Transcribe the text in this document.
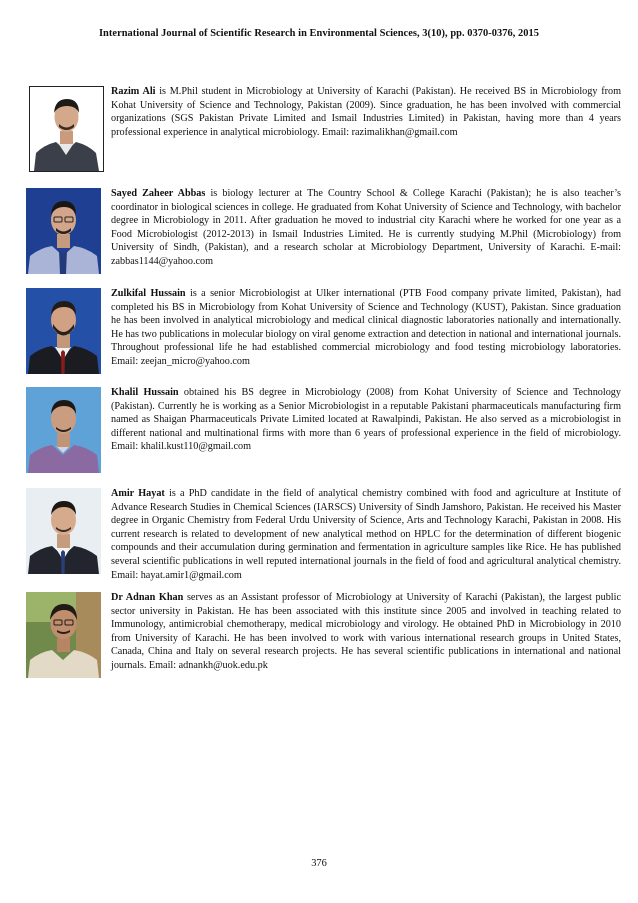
International Journal of Scientific Research in Environmental Sciences, 3(10), pp. 0370-0376, 2015
Razim Ali is M.Phil student in Microbiology at University of Karachi (Pakistan). He received BS in Microbiology from Kohat University of Science and Technology, Pakistan (2009). Since graduation, he has been involved with commercial organizations (SGS Pakistan Private Limited and Ismail Industries Limited) in Pakistan, having more than 4 years professional experience in analytical microbiology. Email: razimalikhan@gmail.com
Sayed Zaheer Abbas is biology lecturer at The Country School & College Karachi (Pakistan); he is also teacher’s coordinator in biological sciences in college. He graduated from Kohat University of Science and Technology, with bachelor degree in Microbiology in 2011. After graduation he moved to industrial city Karachi where he worked for one year as a Food Microbiologist (2012-2013) in Ismail Industries Limited. He is currently studying M.Phil (Microbiology) from University of Sindh, (Pakistan), and a research scholar at Microbiology Department, University of Karachi. E-mail: zabbas1144@yahoo.com
Zulkifal Hussain is a senior Microbiologist at Ulker international (PTB Food company private limited, Pakistan), had completed his BS in Microbiology from Kohat University of Science and Technology (KUST), Pakistan. Since graduation he has been involved in analytical microbiology and medical clinical diagnostic laboratories nationally and internationally. He has two publications in molecular biology on viral genome extraction and detection in national and international journals. Throughout professional life he had established commercial microbiology and food testing microbiology laboratories. Email: zeejan_micro@yahoo.com
Khalil Hussain obtained his BS degree in Microbiology (2008) from Kohat University of Science and Technology (Pakistan). Currently he is working as a Senior Microbiologist in a reputable Pakistani pharmaceuticals manufacturing firm named as Shaigan Pharmaceuticals Private Limited located at Rawalpindi, Pakistan. He also served as a microbiologist in different national and multinational firms with more than 6 years of professional experience in the field of microbiology. Email: khalil.kust110@gmail.com
Amir Hayat is a PhD candidate in the field of analytical chemistry combined with food and agriculture at Institute of Advance Research Studies in Chemical Sciences (IARSCS) University of Sindh Jamshoro, Pakistan. He received his Master degree in Organic Chemistry from Federal Urdu University of Science, Arts and Technology Karachi, Pakistan in 2008. His current research is related to development of new analytical method on HPLC for the determination of different biogenic compounds and their accumulation during germination and fermentation in agriculture samples like Rice. He has published several scientific publications in well reputed international journals in the field of food and agricultural analytical chemistry. Email: hayat.amir1@gmail.com
Dr Adnan Khan serves as an Assistant professor of Microbiology at University of Karachi (Pakistan), the largest public sector university in Pakistan. He has been associated with this institute since 2005 and involved in teaching related to Immunology, antimicrobial chemotherapy, medical microbiology and virology. He obtained PhD in Microbiology in 2010 from University of Karachi. He has been involved to work with various international research groups in United States, Canada, China and Italy on several research projects. He has several scientific publications in international and national journals. Email: adnankh@uok.edu.pk
376
